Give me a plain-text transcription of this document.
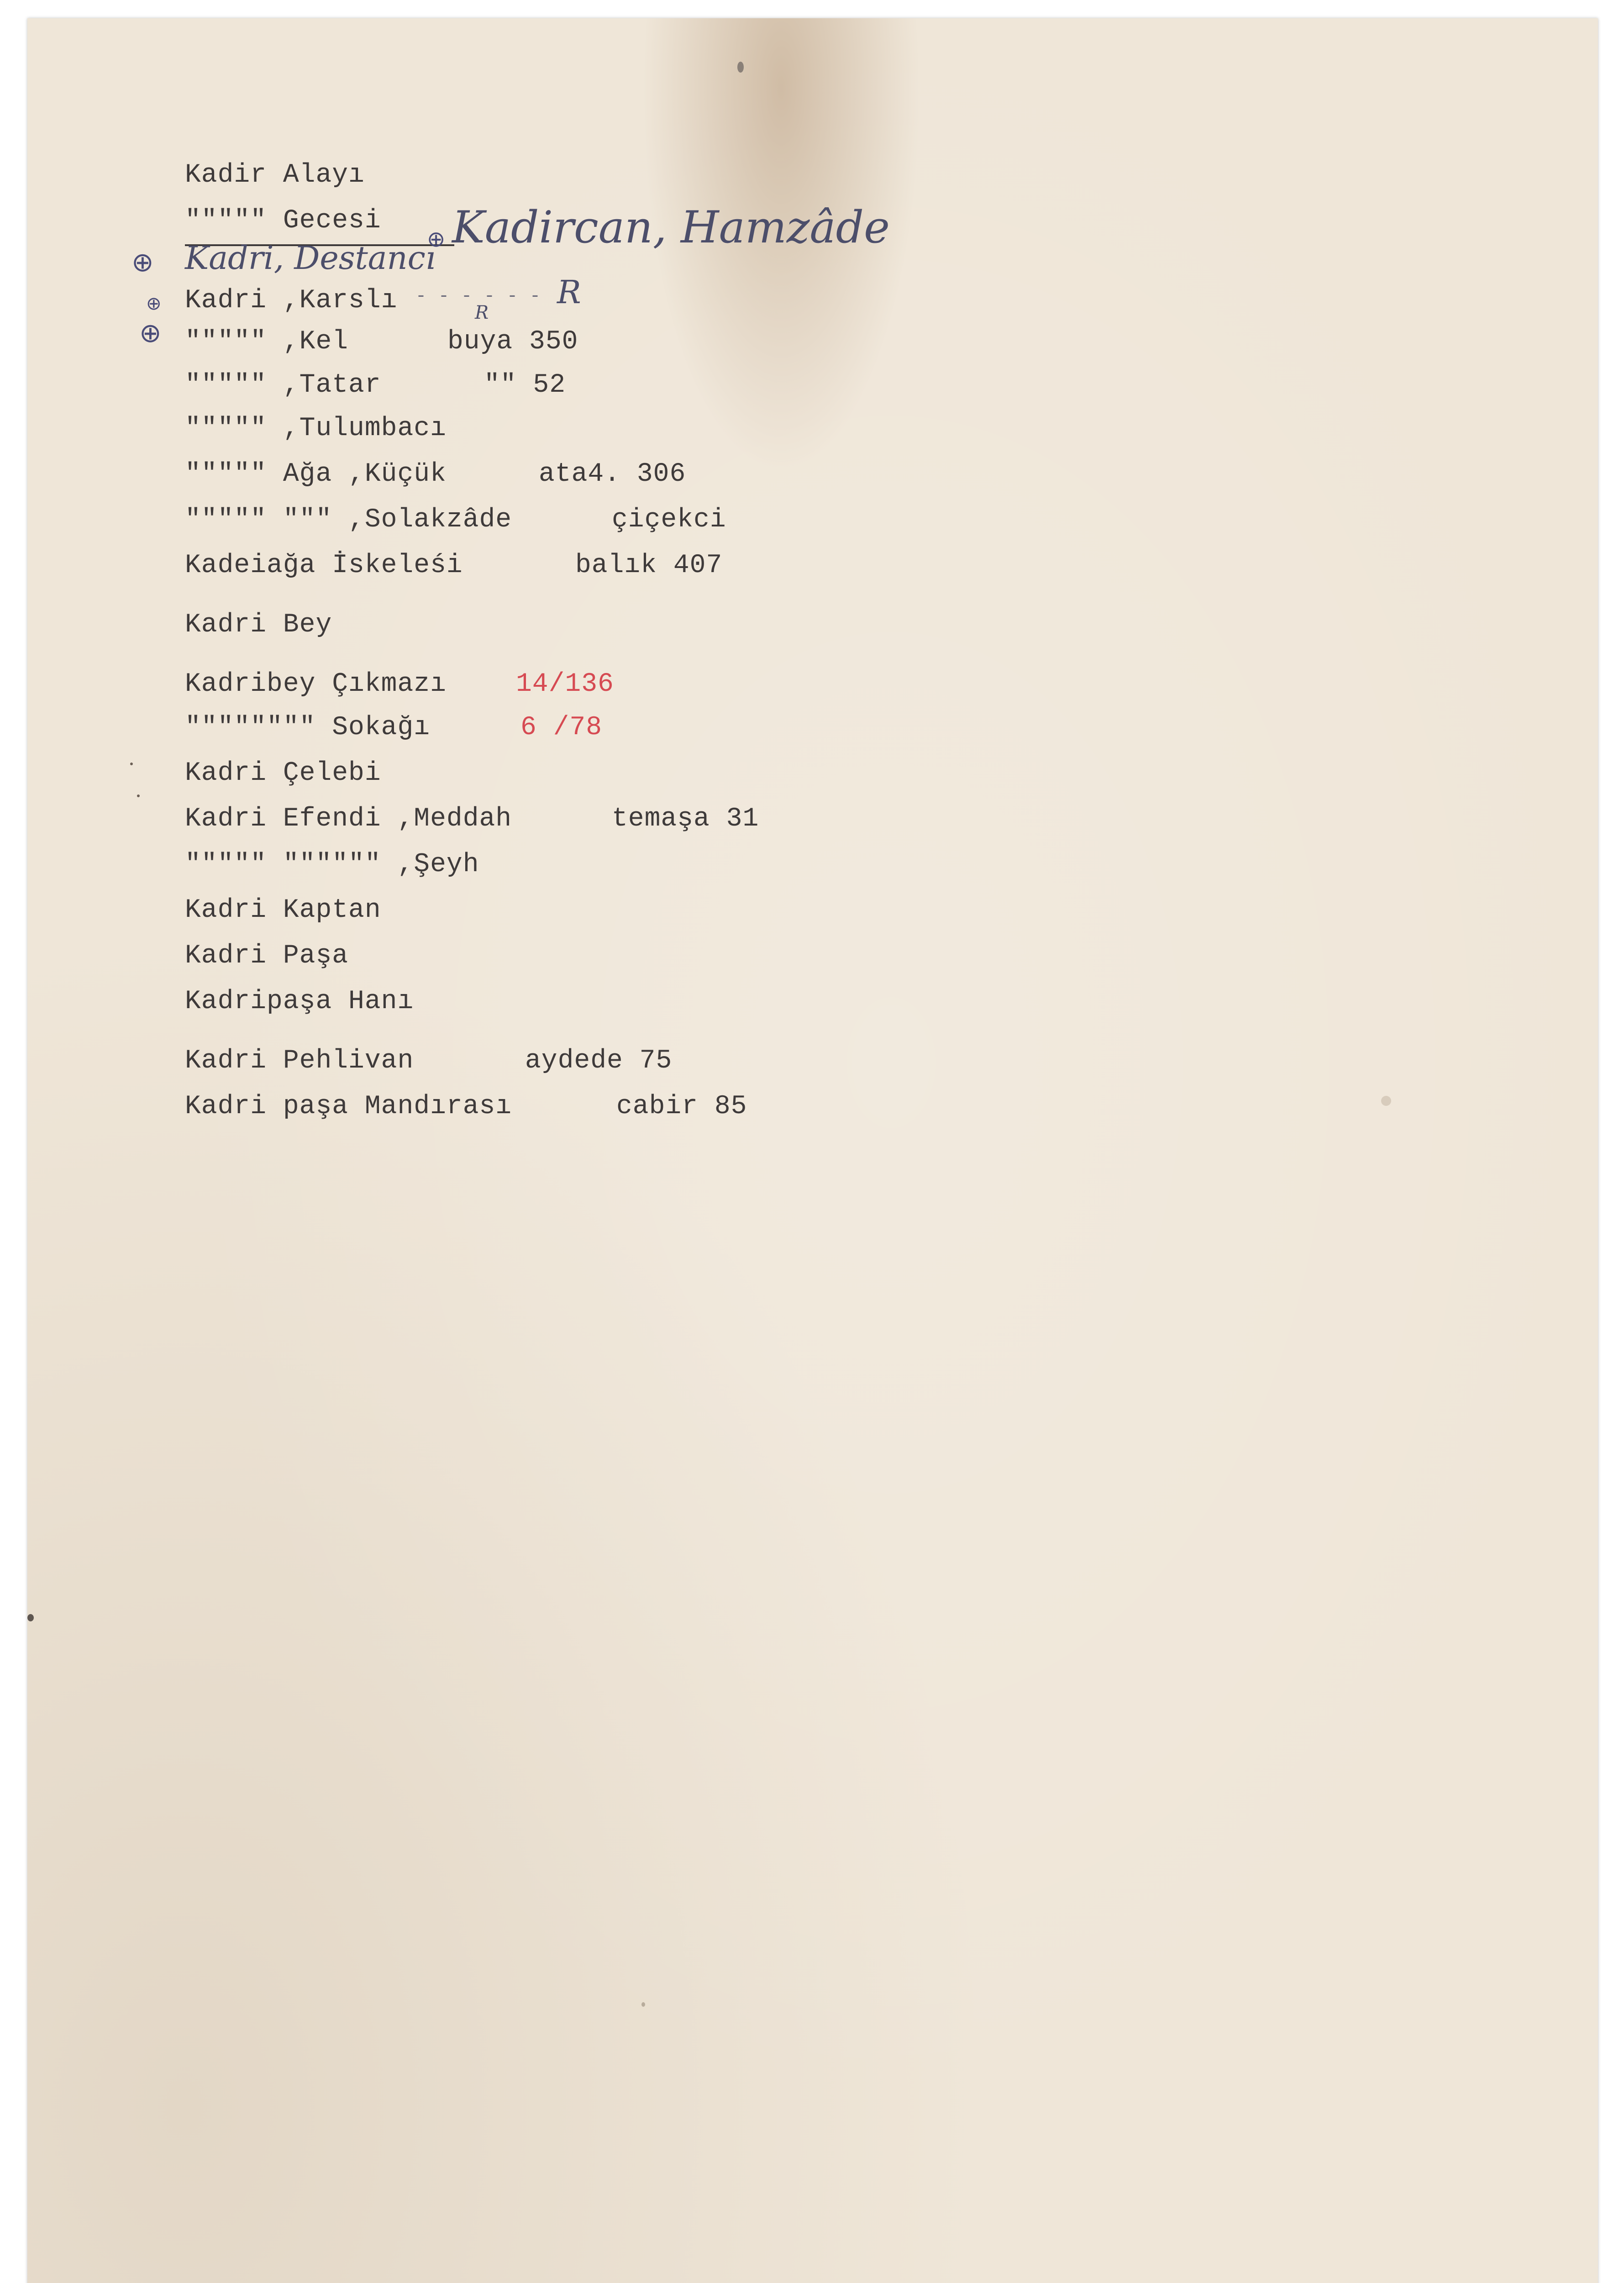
Kadir Alayı
""""" Gecesi
Kadri ,Karslı
""""" ,Kel	buya 350
""""" ,Tatar	"" 52
""""" ,Tulumbacı
""""" Ağa ,Küçük	ata4. 306
""""" """ ,Solakzâde	çiçekci
Kadeiağa İskeleśi	balık 407
Kadri Bey
Kadribey Çıkmazı	14/136
"""""""" Sokağı	6 /78
Kadri Çelebi
Kadri Efendi ,Meddah	temaşa 31
""""" """""" ,Şeyh
Kadri Kaptan
Kadri Paşa
Kadripaşa Hanı
Kadri Pehlivan	aydede 75
Kadri paşa Mandırası	cabir 85
Kadircan, Hamzâde
Kadri, Destancı
R
R
- - - - - -
⊕
⊕
⊕
⊕
